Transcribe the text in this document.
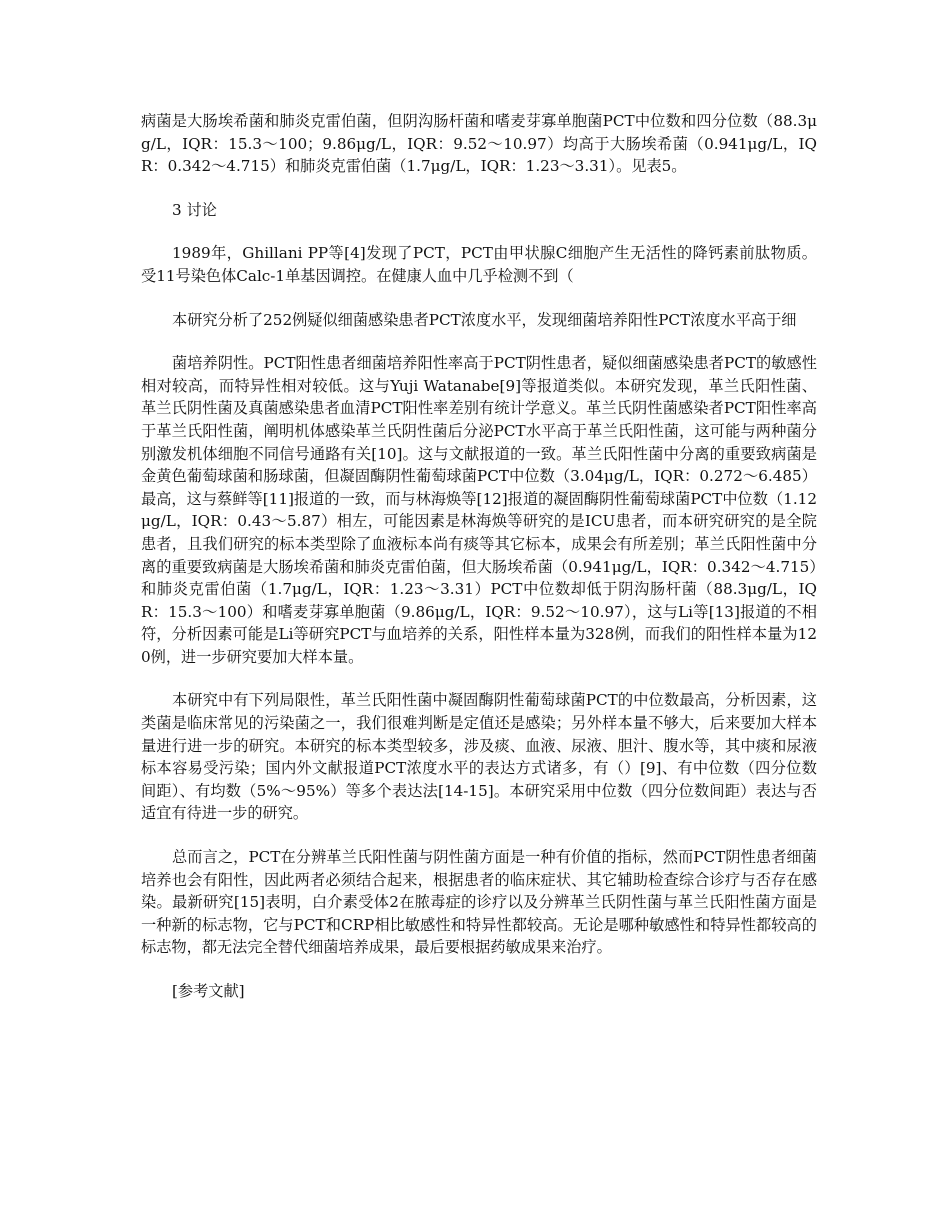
病菌是大肠埃希菌和肺炎克雷伯菌，但阴沟肠杆菌和嗜麦芽寡单胞菌PCT中位数和四分位数（88.3μg/L，IQR：15.3～100；9.86μg/L，IQR：9.52～10.97）均高于大肠埃希菌（0.941μg/L，IQR：0.342～4.715）和肺炎克雷伯菌（1.7μg/L，IQR：1.23～3.31）。见表5。

3 讨论

1989年，Ghillani PP等[4]发现了PCT，PCT由甲状腺C细胞产生无活性的降钙素前肽物质。受11号染色体Calc-1单基因调控。在健康人血中几乎检测不到（

本研究分析了252例疑似细菌感染患者PCT浓度水平，发现细菌培养阳性PCT浓度水平高于细

菌培养阴性。PCT阳性患者细菌培养阳性率高于PCT阴性患者，疑似细菌感染患者PCT的敏感性相对较高，而特异性相对较低。这与Yuji Watanabe[9]等报道类似。本研究发现，革兰氏阳性菌、革兰氏阴性菌及真菌感染患者血清PCT阳性率差别有统计学意义。革兰氏阴性菌感染者PCT阳性率高于革兰氏阳性菌，阐明机体感染革兰氏阴性菌后分泌PCT水平高于革兰氏阳性菌，这可能与两种菌分别激发机体细胞不同信号通路有关[10]。这与文献报道的一致。革兰氏阳性菌中分离的重要致病菌是金黄色葡萄球菌和肠球菌，但凝固酶阴性葡萄球菌PCT中位数（3.04μg/L，IQR：0.272～6.485）最高，这与蔡鲜等[11]报道的一致，而与林海焕等[12]报道的凝固酶阴性葡萄球菌PCT中位数（1.12μg/L，IQR：0.43～5.87）相左，可能因素是林海焕等研究的是ICU患者，而本研究研究的是全院患者，且我们研究的标本类型除了血液标本尚有痰等其它标本，成果会有所差别；革兰氏阳性菌中分离的重要致病菌是大肠埃希菌和肺炎克雷伯菌，但大肠埃希菌（0.941μg/L，IQR：0.342～4.715）和肺炎克雷伯菌（1.7μg/L，IQR：1.23～3.31）PCT中位数却低于阴沟肠杆菌（88.3μg/L，IQR：15.3～100）和嗜麦芽寡单胞菌（9.86μg/L，IQR：9.52～10.97），这与Li等[13]报道的不相符，分析因素可能是Li等研究PCT与血培养的关系，阳性样本量为328例，而我们的阳性样本量为120例，进一步研究要加大样本量。

本研究中有下列局限性，革兰氏阳性菌中凝固酶阴性葡萄球菌PCT的中位数最高，分析因素，这类菌是临床常见的污染菌之一，我们很难判断是定值还是感染；另外样本量不够大，后来要加大样本量进行进一步的研究。本研究的标本类型较多，涉及痰、血液、尿液、胆汁、腹水等，其中痰和尿液标本容易受污染；国内外文献报道PCT浓度水平的表达方式诸多，有（）[9]、有中位数（四分位数间距）、有均数（5%～95%）等多个表达法[14-15]。本研究采用中位数（四分位数间距）表达与否适宜有待进一步的研究。

总而言之，PCT在分辨革兰氏阳性菌与阴性菌方面是一种有价值的指标，然而PCT阴性患者细菌培养也会有阳性，因此两者必须结合起来，根据患者的临床症状、其它辅助检查综合诊疗与否存在感染。最新研究[15]表明，白介素受体2在脓毒症的诊疗以及分辨革兰氏阴性菌与革兰氏阳性菌方面是一种新的标志物，它与PCT和CRP相比敏感性和特异性都较高。无论是哪种敏感性和特异性都较高的标志物，都无法完全替代细菌培养成果，最后要根据药敏成果来治疗。

[参考文献]
